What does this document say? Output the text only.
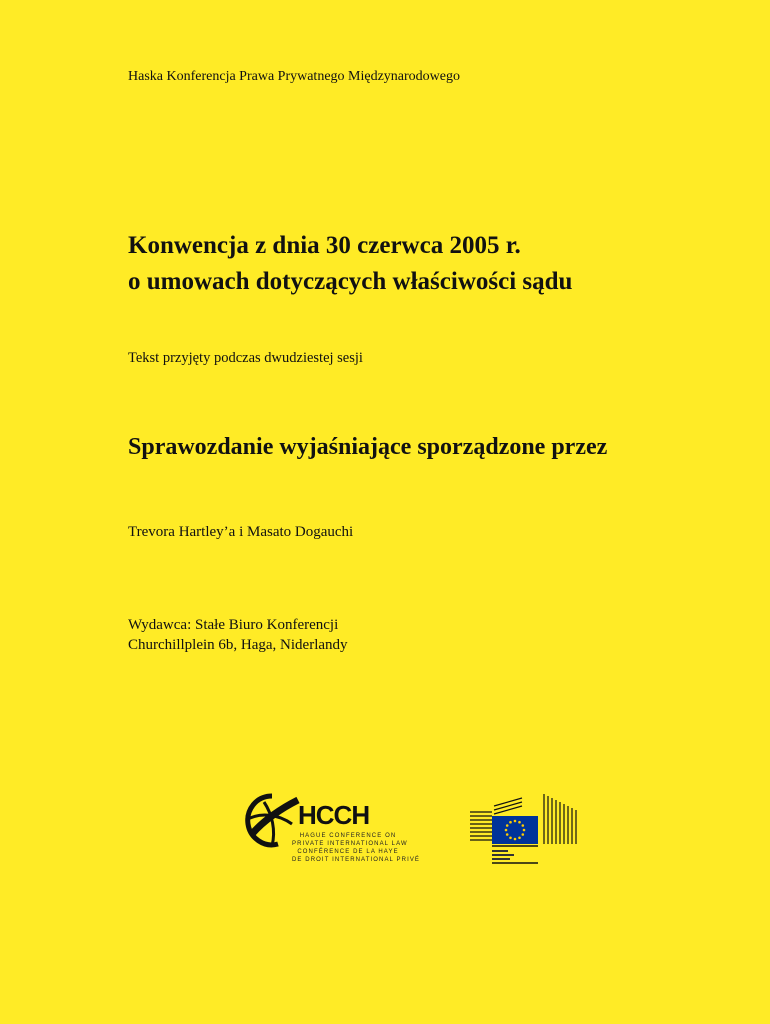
Haska Konferencja Prawa Prywatnego Międzynarodowego
Konwencja z dnia 30 czerwca 2005 r.
o umowach dotyczących właściwości sądu
Tekst przyjęty podczas dwudziestej sesji
Sprawozdanie wyjaśniające sporządzone przez
Trevora Hartley’a i Masato Dogauchi
Wydawca: Stałe Biuro Konferencji
Churchillplein 6b, Haga, Niderlandy
HCCH
HAGUE CONFERENCE ON
PRIVATE INTERNATIONAL LAW
CONFÉRENCE DE LA HAYE
DE DROIT INTERNATIONAL PRIVÉ
